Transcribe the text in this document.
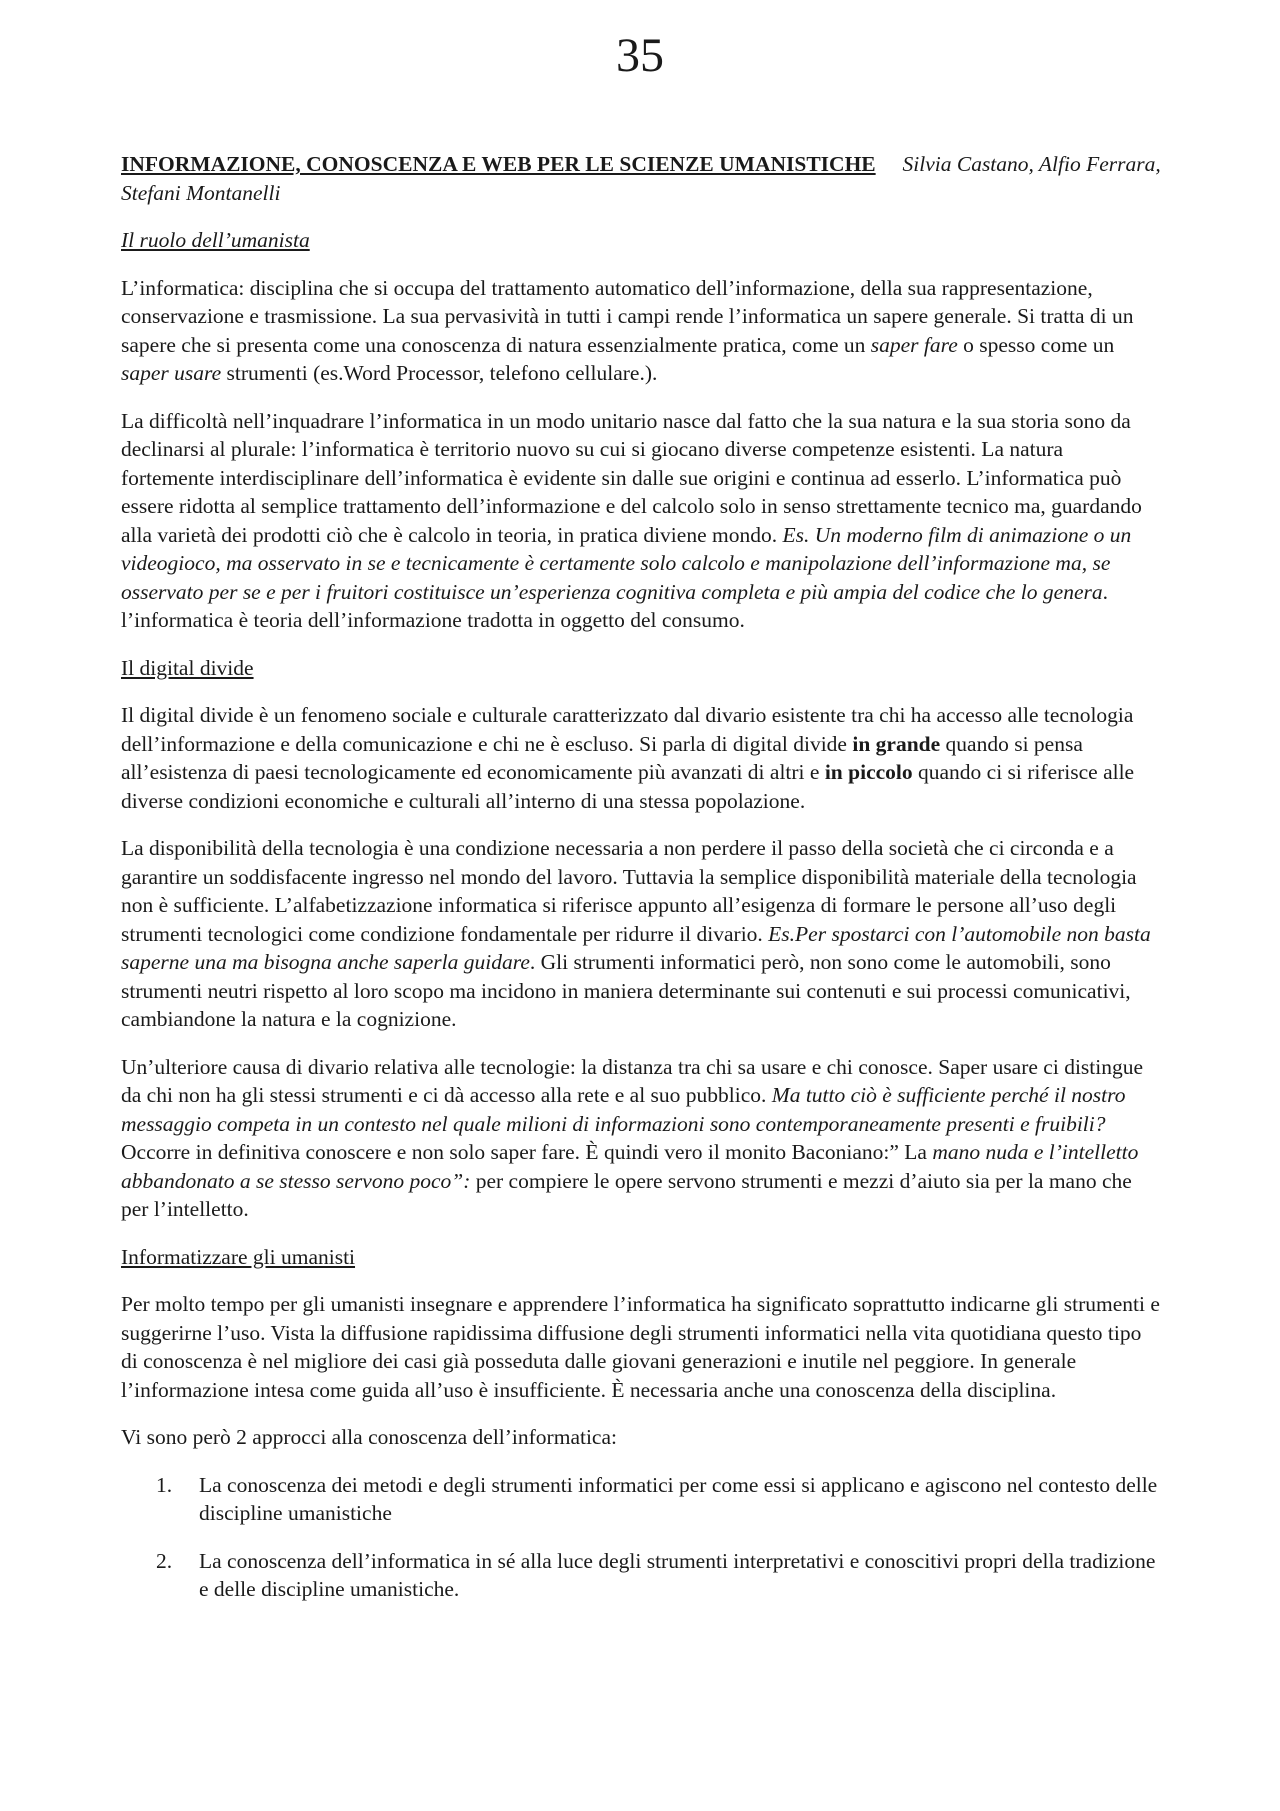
35

INFORMAZIONE, CONOSCENZA E WEB PER LE SCIENZE UMANISTICHE Silvia Castano, Alfio Ferrara, Stefani Montanelli

Il ruolo dell’umanista

L’informatica: disciplina che si occupa del trattamento automatico dell’informazione, della sua rappresentazione, conservazione e trasmissione. La sua pervasività in tutti i campi rende l’informatica un sapere generale. Si tratta di un sapere che si presenta come una conoscenza di natura essenzialmente pratica, come un saper fare o spesso come un saper usare strumenti (es.Word Processor, telefono cellulare.).

La difficoltà nell’inquadrare l’informatica in un modo unitario nasce dal fatto che la sua natura e la sua storia sono da declinarsi al plurale: l’informatica è territorio nuovo su cui si giocano diverse competenze esistenti. La natura fortemente interdisciplinare dell’informatica è evidente sin dalle sue origini e continua ad esserlo. L’informatica può essere ridotta al semplice trattamento dell’informazione e del calcolo solo in senso strettamente tecnico ma, guardando alla varietà dei prodotti ciò che è calcolo in teoria, in pratica diviene mondo. Es. Un moderno film di animazione o un videogioco, ma osservato in se e tecnicamente è certamente solo calcolo e manipolazione dell’informazione ma, se osservato per se e per i fruitori costituisce un’esperienza cognitiva completa e più ampia del codice che lo genera. l’informatica è teoria dell’informazione tradotta in oggetto del consumo.

Il digital divide

Il digital divide è un fenomeno sociale e culturale caratterizzato dal divario esistente tra chi ha accesso alle tecnologia dell’informazione e della comunicazione e chi ne è escluso. Si parla di digital divide in grande quando si pensa all’esistenza di paesi tecnologicamente ed economicamente più avanzati di altri e in piccolo quando ci si riferisce alle diverse condizioni economiche e culturali all’interno di una stessa popolazione.

La disponibilità della tecnologia è una condizione necessaria a non perdere il passo della società che ci circonda e a garantire un soddisfacente ingresso nel mondo del lavoro. Tuttavia la semplice disponibilità materiale della tecnologia non è sufficiente. L’alfabetizzazione informatica si riferisce appunto all’esigenza di formare le persone all’uso degli strumenti tecnologici come condizione fondamentale per ridurre il divario. Es.Per spostarci con l’automobile non basta saperne una ma bisogna anche saperla guidare. Gli strumenti informatici però, non sono come le automobili, sono strumenti neutri rispetto al loro scopo ma incidono in maniera determinante sui contenuti e sui processi comunicativi, cambiandone la natura e la cognizione.

Un’ulteriore causa di divario relativa alle tecnologie: la distanza tra chi sa usare e chi conosce. Saper usare ci distingue da chi non ha gli stessi strumenti e ci dà accesso alla rete e al suo pubblico. Ma tutto ciò è sufficiente perché il nostro messaggio competa in un contesto nel quale milioni di informazioni sono contemporaneamente presenti e fruibili? Occorre in definitiva conoscere e non solo saper fare. È quindi vero il monito Baconiano:” La mano nuda e l’intelletto abbandonato a se stesso servono poco”: per compiere le opere servono strumenti e mezzi d’aiuto sia per la mano che per l’intelletto.

Informatizzare gli umanisti

Per molto tempo per gli umanisti insegnare e apprendere l’informatica ha significato soprattutto indicarne gli strumenti e suggerirne l’uso. Vista la diffusione rapidissima diffusione degli strumenti informatici nella vita quotidiana questo tipo di conoscenza è nel migliore dei casi già posseduta dalle giovani generazioni e inutile nel peggiore. In generale l’informazione intesa come guida all’uso è insufficiente. È necessaria anche una conoscenza della disciplina.

Vi sono però 2 approcci alla conoscenza dell’informatica:

1. La conoscenza dei metodi e degli strumenti informatici per come essi si applicano e agiscono nel contesto delle discipline umanistiche
2. La conoscenza dell’informatica in sé alla luce degli strumenti interpretativi e conoscitivi propri della tradizione e delle discipline umanistiche.
